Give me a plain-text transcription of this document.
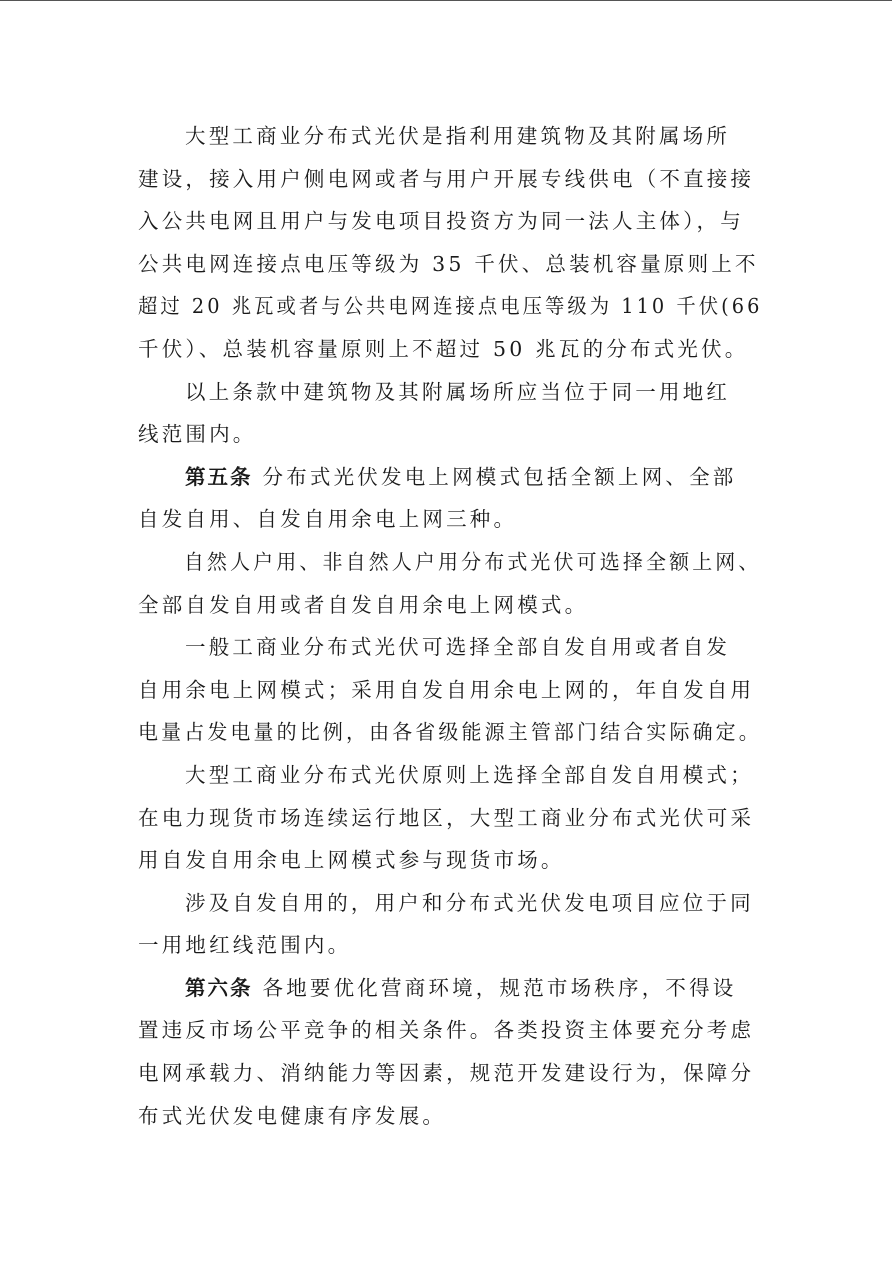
大型工商业分布式光伏是指利用建筑物及其附属场所
建设，接入用户侧电网或者与用户开展专线供电（不直接接
入公共电网且用户与发电项目投资方为同一法人主体），与
公共电网连接点电压等级为 35 千伏、总装机容量原则上不
超过 20 兆瓦或者与公共电网连接点电压等级为 110 千伏(66
千伏）、总装机容量原则上不超过 50 兆瓦的分布式光伏。

以上条款中建筑物及其附属场所应当位于同一用地红
线范围内。

第五条 分布式光伏发电上网模式包括全额上网、全部
自发自用、自发自用余电上网三种。

自然人户用、非自然人户用分布式光伏可选择全额上网、
全部自发自用或者自发自用余电上网模式。

一般工商业分布式光伏可选择全部自发自用或者自发
自用余电上网模式；采用自发自用余电上网的，年自发自用
电量占发电量的比例，由各省级能源主管部门结合实际确定。

大型工商业分布式光伏原则上选择全部自发自用模式；
在电力现货市场连续运行地区，大型工商业分布式光伏可采
用自发自用余电上网模式参与现货市场。

涉及自发自用的，用户和分布式光伏发电项目应位于同
一用地红线范围内。

第六条 各地要优化营商环境，规范市场秩序，不得设
置违反市场公平竞争的相关条件。各类投资主体要充分考虑
电网承载力、消纳能力等因素，规范开发建设行为，保障分
布式光伏发电健康有序发展。
